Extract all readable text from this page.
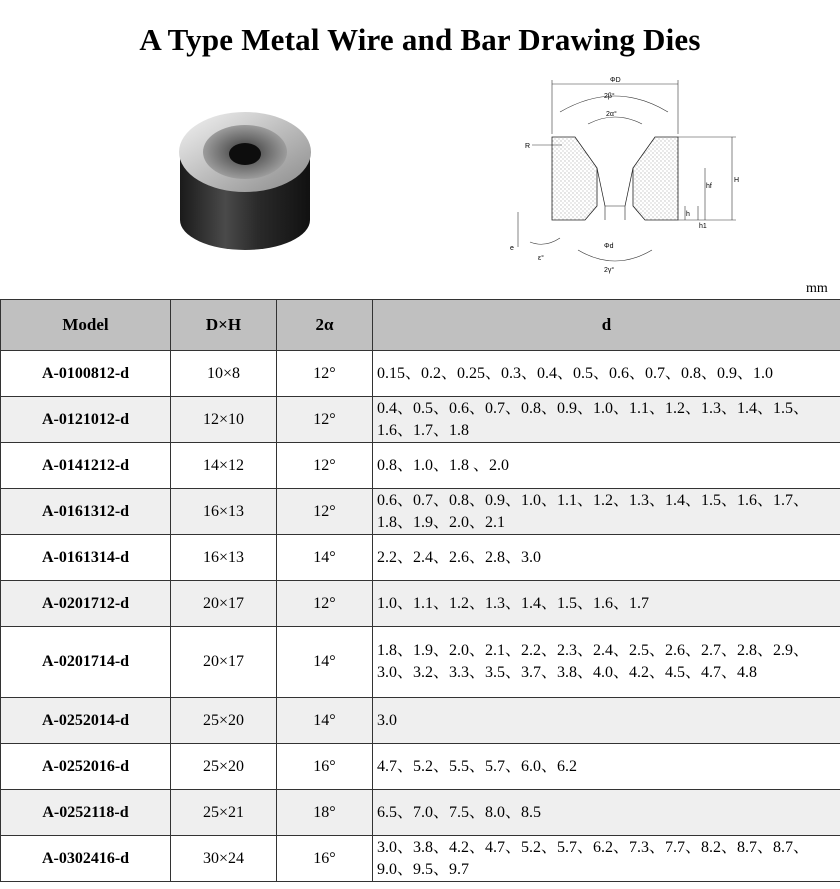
A Type Metal Wire and Bar Drawing Dies
ΦD
2β°
2α°
R
H
hf
h
h1
e
ε°
Φd
2γ°
mm
Model	D×H	2α	d
A-0100812-d	10×8	12°	0.15、0.2、0.25、0.3、0.4、0.5、0.6、0.7、0.8、0.9、1.0
A-0121012-d	12×10	12°	0.4、0.5、0.6、0.7、0.8、0.9、1.0、1.1、1.2、1.3、1.4、1.5、1.6、1.7、1.8
A-0141212-d	14×12	12°	0.8、1.0、1.8 、2.0
A-0161312-d	16×13	12°	0.6、0.7、0.8、0.9、1.0、1.1、1.2、1.3、1.4、1.5、1.6、1.7、1.8、1.9、2.0、2.1
A-0161314-d	16×13	14°	2.2、2.4、2.6、2.8、3.0
A-0201712-d	20×17	12°	1.0、1.1、1.2、1.3、1.4、1.5、1.6、1.7
A-0201714-d	20×17	14°	1.8、1.9、2.0、2.1、2.2、2.3、2.4、2.5、2.6、2.7、2.8、2.9、3.0、3.2、3.3、3.5、3.7、3.8、4.0、4.2、4.5、4.7、4.8
A-0252014-d	25×20	14°	3.0
A-0252016-d	25×20	16°	4.7、5.2、5.5、5.7、6.0、6.2
A-0252118-d	25×21	18°	6.5、7.0、7.5、8.0、8.5
A-0302416-d	30×24	16°	3.0、3.8、4.2、4.7、5.2、5.7、6.2、7.3、7.7、8.2、8.7、8.7、9.0、9.5、9.7
